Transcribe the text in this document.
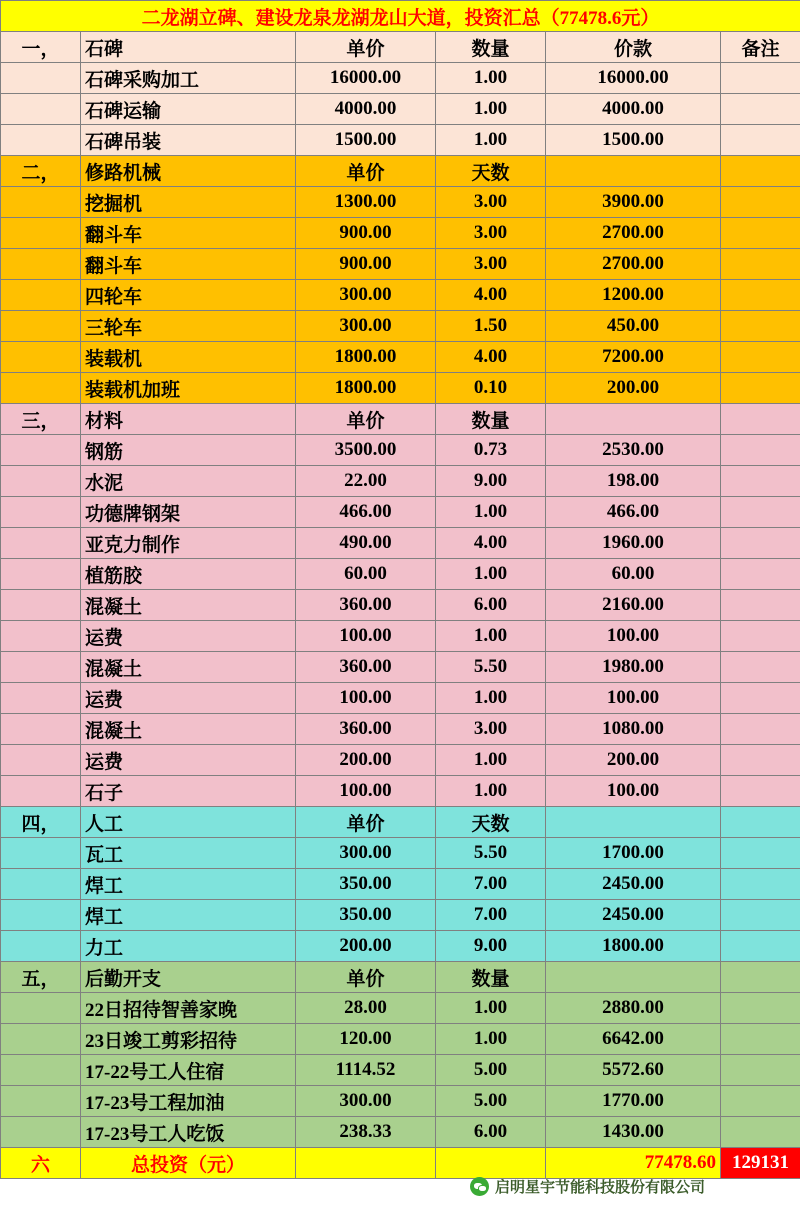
二龙湖立碑、建设龙泉龙湖龙山大道，投资汇总（77478.6元）					
一，	石碑	单价	数量	价款	备注
	石碑采购加工	16000.00	1.00	16000.00	
	石碑运输	4000.00	1.00	4000.00	
	石碑吊装	1500.00	1.00	1500.00	
二，	修路机械	单价	天数		
	挖掘机	1300.00	3.00	3900.00	
	翻斗车	900.00	3.00	2700.00	
	翻斗车	900.00	3.00	2700.00	
	四轮车	300.00	4.00	1200.00	
	三轮车	300.00	1.50	450.00	
	装载机	1800.00	4.00	7200.00	
	装载机加班	1800.00	0.10	200.00	
三，	材料	单价	数量		
	钢筋	3500.00	0.73	2530.00	
	水泥	22.00	9.00	198.00	
	功德牌钢架	466.00	1.00	466.00	
	亚克力制作	490.00	4.00	1960.00	
	植筋胶	60.00	1.00	60.00	
	混凝土	360.00	6.00	2160.00	
	运费	100.00	1.00	100.00	
	混凝土	360.00	5.50	1980.00	
	运费	100.00	1.00	100.00	
	混凝土	360.00	3.00	1080.00	
	运费	200.00	1.00	200.00	
	石子	100.00	1.00	100.00	
四，	人工	单价	天数		
	瓦工	300.00	5.50	1700.00	
	焊工	350.00	7.00	2450.00	
	焊工	350.00	7.00	2450.00	
	力工	200.00	9.00	1800.00	
五，	后勤开支	单价	数量		
	22日招待智善家晚	28.00	1.00	2880.00	
	23日竣工剪彩招待	120.00	1.00	6642.00	
	17-22号工人住宿	1114.52	5.00	5572.60	
	17-23号工程加油	300.00	5.00	1770.00	
	17-23号工人吃饭	238.33	6.00	1430.00	
六	总投资（元）			77478.60	129131
启明星宇节能科技股份有限公司
